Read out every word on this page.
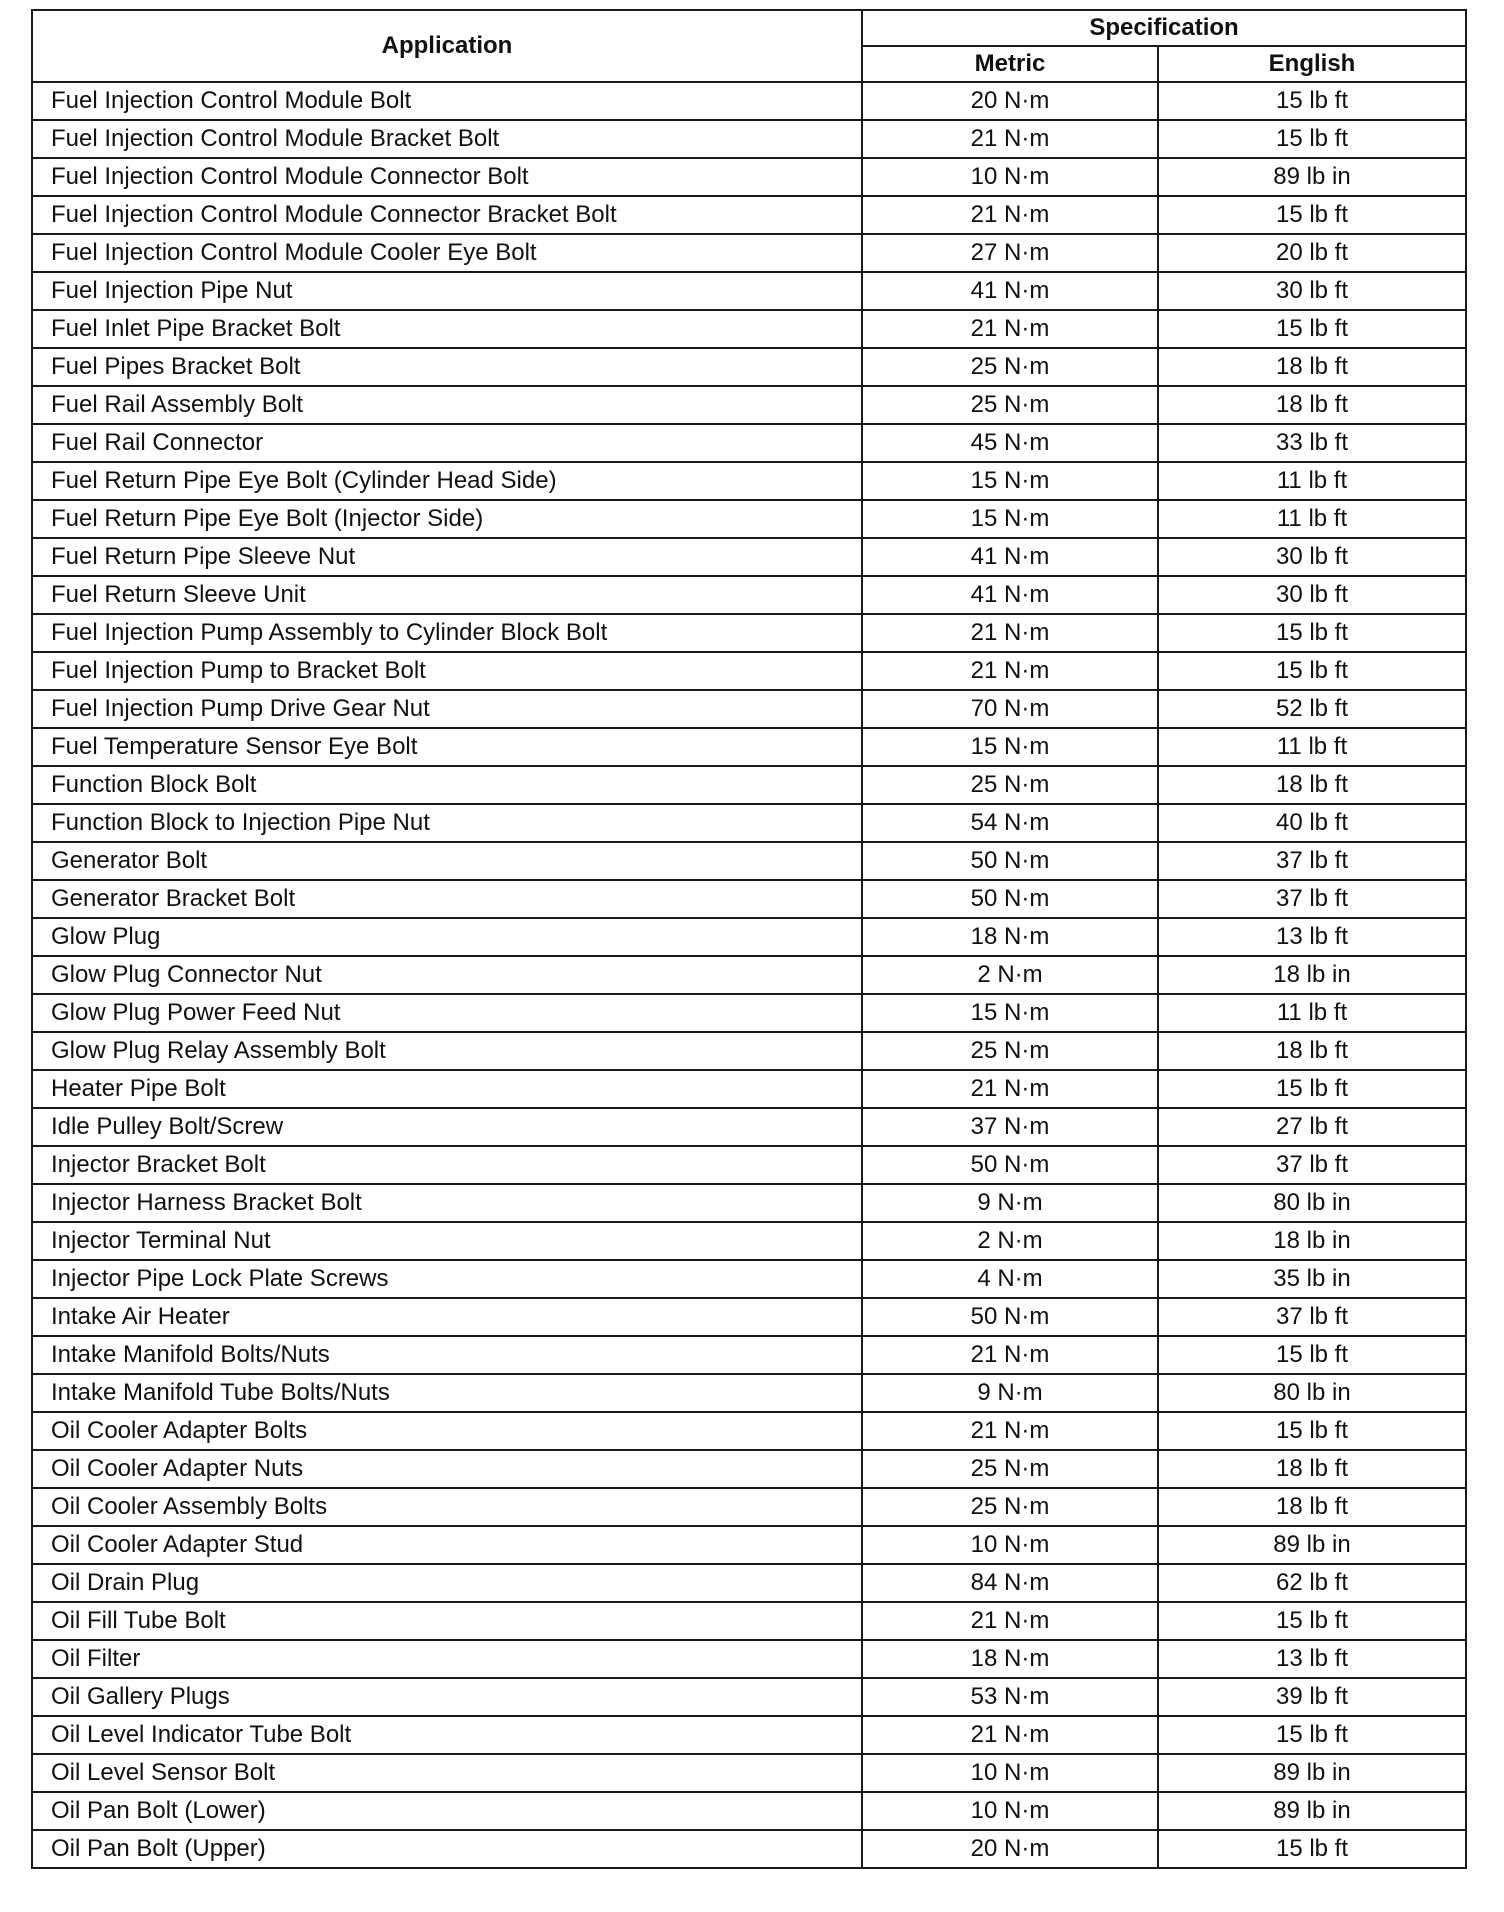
Application	Specification	
	Metric	English
Fuel Injection Control Module Bolt	20 N·m	15 lb ft
Fuel Injection Control Module Bracket Bolt	21 N·m	15 lb ft
Fuel Injection Control Module Connector Bolt	10 N·m	89 lb in
Fuel Injection Control Module Connector Bracket Bolt	21 N·m	15 lb ft
Fuel Injection Control Module Cooler Eye Bolt	27 N·m	20 lb ft
Fuel Injection Pipe Nut	41 N·m	30 lb ft
Fuel Inlet Pipe Bracket Bolt	21 N·m	15 lb ft
Fuel Pipes Bracket Bolt	25 N·m	18 lb ft
Fuel Rail Assembly Bolt	25 N·m	18 lb ft
Fuel Rail Connector	45 N·m	33 lb ft
Fuel Return Pipe Eye Bolt (Cylinder Head Side)	15 N·m	11 lb ft
Fuel Return Pipe Eye Bolt (Injector Side)	15 N·m	11 lb ft
Fuel Return Pipe Sleeve Nut	41 N·m	30 lb ft
Fuel Return Sleeve Unit	41 N·m	30 lb ft
Fuel Injection Pump Assembly to Cylinder Block Bolt	21 N·m	15 lb ft
Fuel Injection Pump to Bracket Bolt	21 N·m	15 lb ft
Fuel Injection Pump Drive Gear Nut	70 N·m	52 lb ft
Fuel Temperature Sensor Eye Bolt	15 N·m	11 lb ft
Function Block Bolt	25 N·m	18 lb ft
Function Block to Injection Pipe Nut	54 N·m	40 lb ft
Generator Bolt	50 N·m	37 lb ft
Generator Bracket Bolt	50 N·m	37 lb ft
Glow Plug	18 N·m	13 lb ft
Glow Plug Connector Nut	2 N·m	18 lb in
Glow Plug Power Feed Nut	15 N·m	11 lb ft
Glow Plug Relay Assembly Bolt	25 N·m	18 lb ft
Heater Pipe Bolt	21 N·m	15 lb ft
Idle Pulley Bolt/Screw	37 N·m	27 lb ft
Injector Bracket Bolt	50 N·m	37 lb ft
Injector Harness Bracket Bolt	9 N·m	80 lb in
Injector Terminal Nut	2 N·m	18 lb in
Injector Pipe Lock Plate Screws	4 N·m	35 lb in
Intake Air Heater	50 N·m	37 lb ft
Intake Manifold Bolts/Nuts	21 N·m	15 lb ft
Intake Manifold Tube Bolts/Nuts	9 N·m	80 lb in
Oil Cooler Adapter Bolts	21 N·m	15 lb ft
Oil Cooler Adapter Nuts	25 N·m	18 lb ft
Oil Cooler Assembly Bolts	25 N·m	18 lb ft
Oil Cooler Adapter Stud	10 N·m	89 lb in
Oil Drain Plug	84 N·m	62 lb ft
Oil Fill Tube Bolt	21 N·m	15 lb ft
Oil Filter	18 N·m	13 lb ft
Oil Gallery Plugs	53 N·m	39 lb ft
Oil Level Indicator Tube Bolt	21 N·m	15 lb ft
Oil Level Sensor Bolt	10 N·m	89 lb in
Oil Pan Bolt (Lower)	10 N·m	89 lb in
Oil Pan Bolt (Upper)	20 N·m	15 lb ft
